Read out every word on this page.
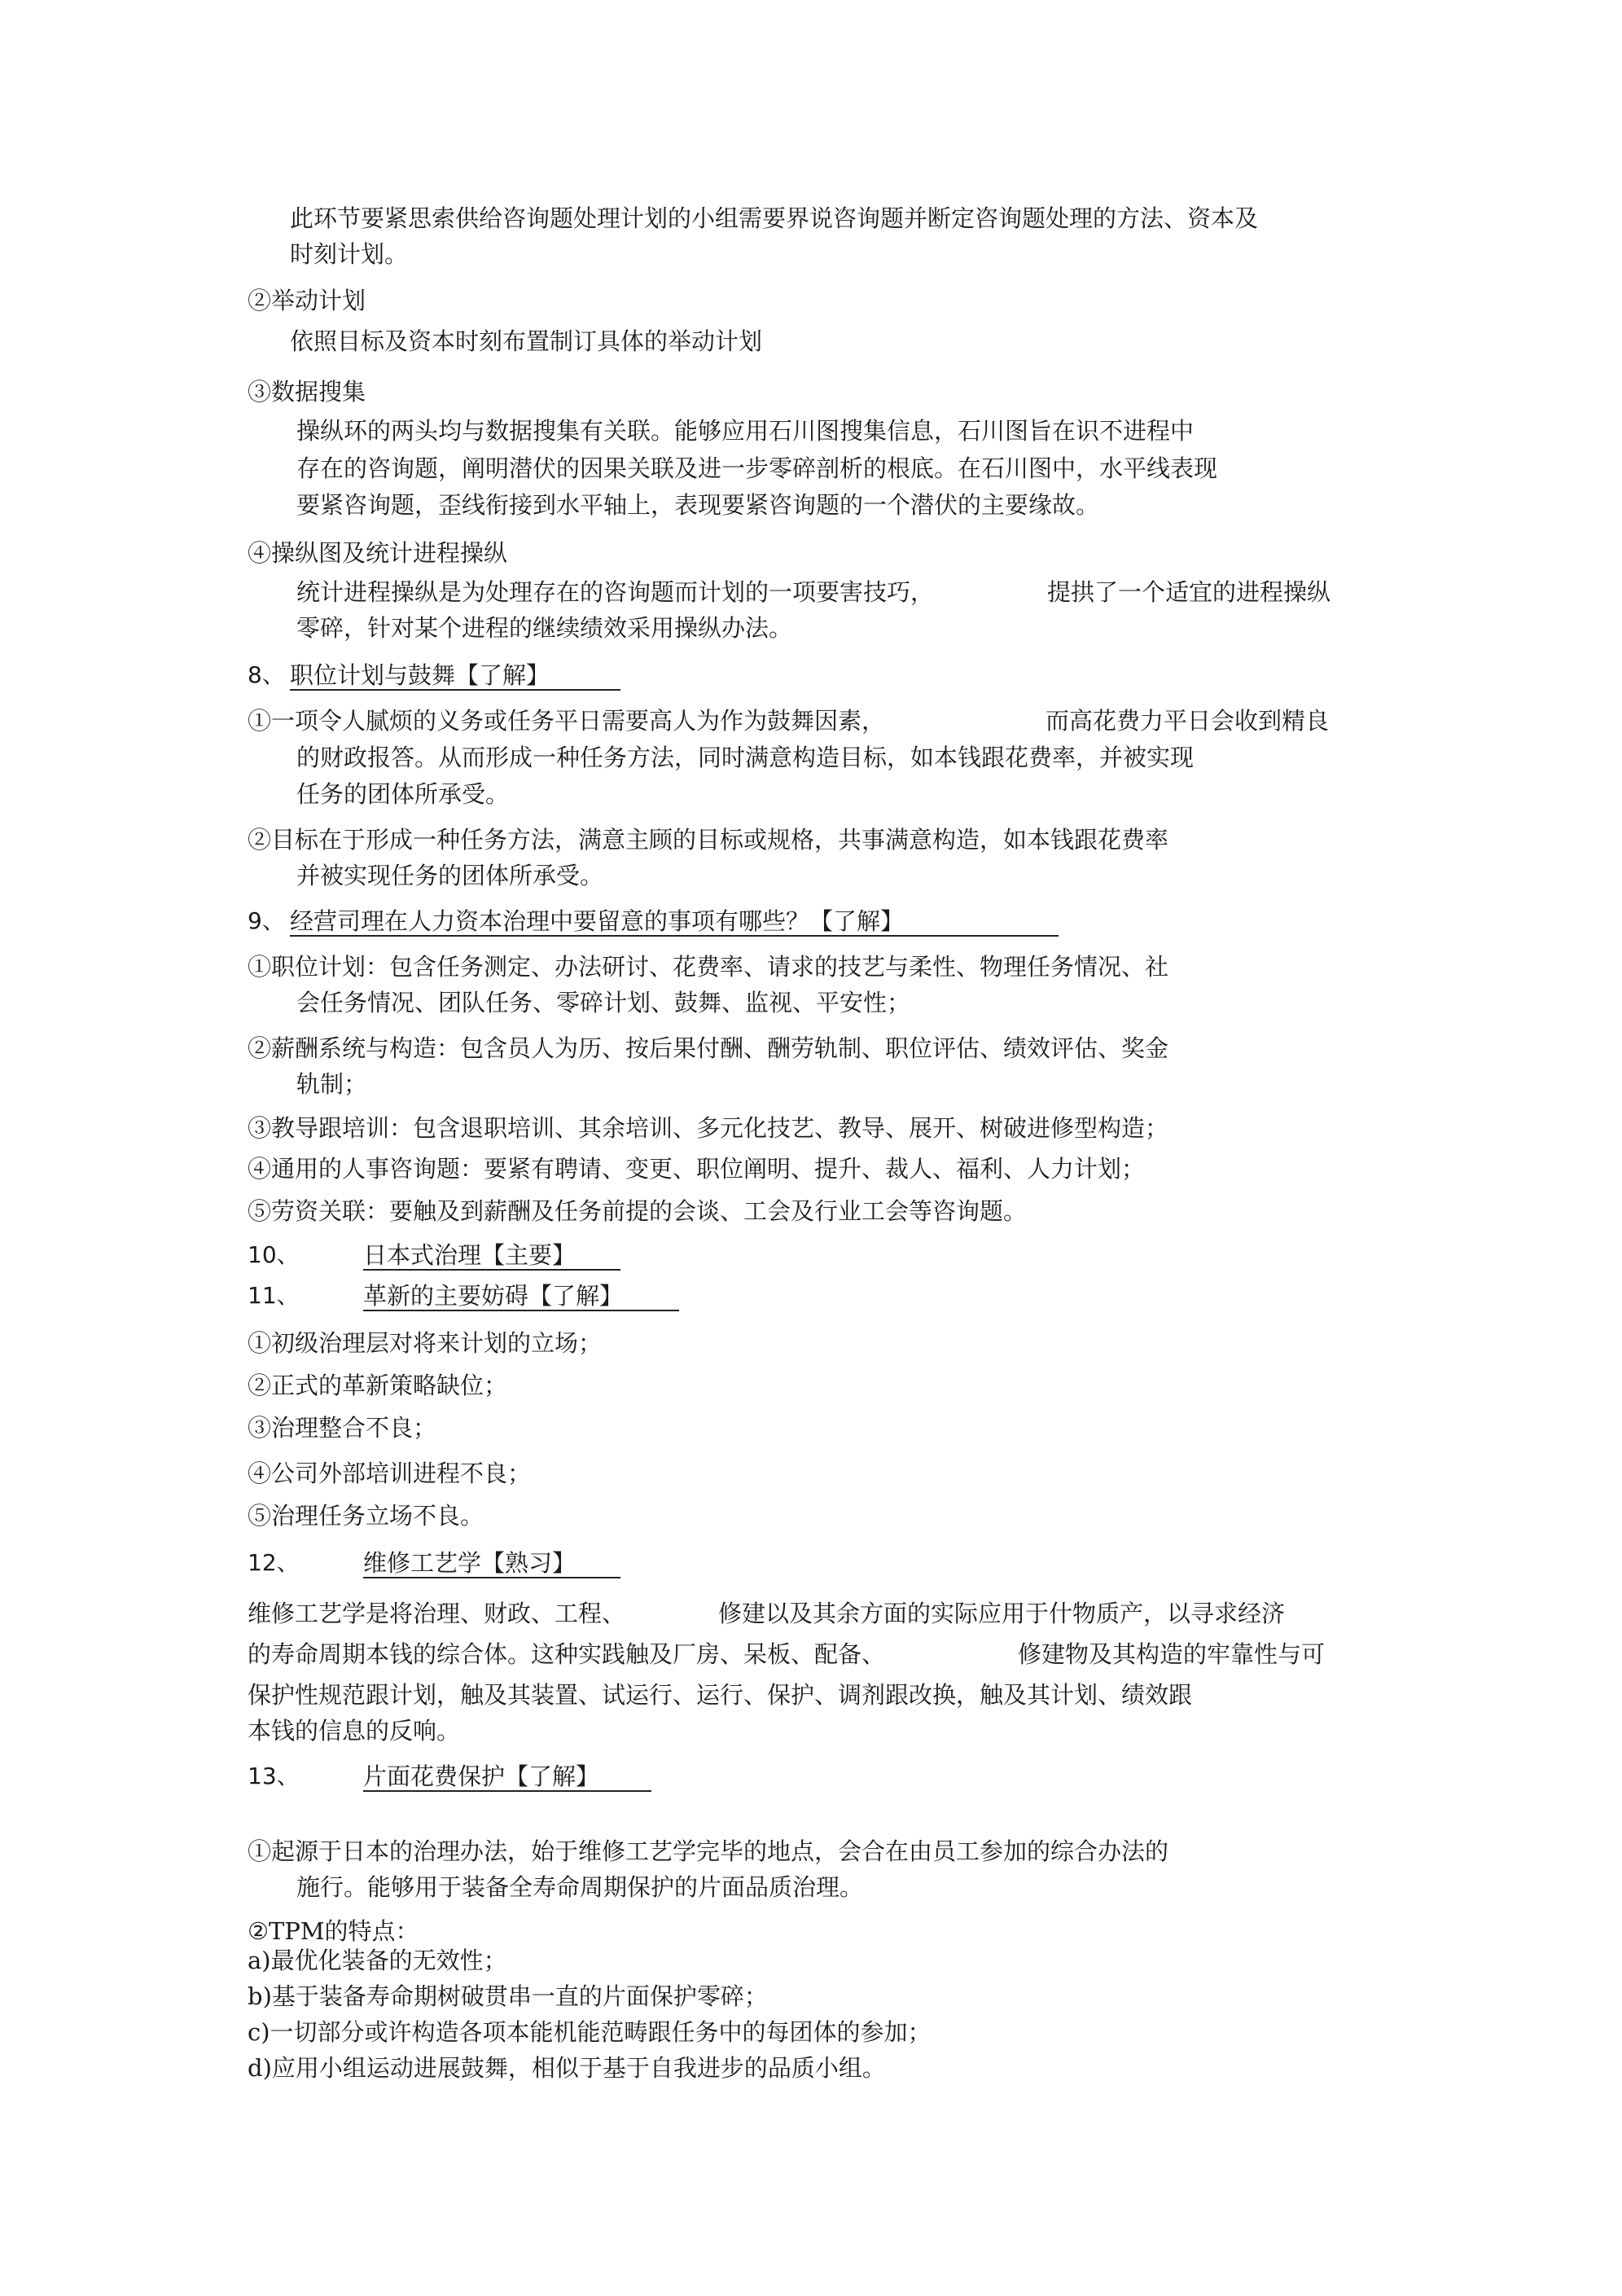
此环节要紧思索供给咨询题处理计划的小组需要界说咨询题并断定咨询题处理的方法、资本及
时刻计划。
②举动计划
依照目标及资本时刻布置制订具体的举动计划
③数据搜集
操纵环的两头均与数据搜集有关联。能够应用石川图搜集信息，石川图旨在识不进程中
存在的咨询题，阐明潜伏的因果关联及进一步零碎剖析的根底。在石川图中，水平线表现
要紧咨询题，歪线衔接到水平轴上，表现要紧咨询题的一个潜伏的主要缘故。
④操纵图及统计进程操纵
统计进程操纵是为处理存在的咨询题而计划的一项要害技巧，	提拱了一个适宜的进程操纵
零碎，针对某个进程的继续绩效采用操纵办法。
8、 职位计划与鼓舞【了解】
①一项令人腻烦的义务或任务平日需要高人为作为鼓舞因素，	而高花费力平日会收到精良
的财政报答。从而形成一种任务方法，同时满意构造目标，如本钱跟花费率，并被实现
任务的团体所承受。
②目标在于形成一种任务方法，满意主顾的目标或规格，共事满意构造，如本钱跟花费率
并被实现任务的团体所承受。
9、 经营司理在人力资本治理中要留意的事项有哪些？【了解】
①职位计划：包含任务测定、办法研讨、花费率、请求的技艺与柔性、物理任务情况、社
会任务情况、团队任务、零碎计划、鼓舞、监视、平安性；
②薪酬系统与构造：包含员人为历、按后果付酬、酬劳轨制、职位评估、绩效评估、奖金
轨制；
③教导跟培训：包含退职培训、其余培训、多元化技艺、教导、展开、树破进修型构造；
④通用的人事咨询题：要紧有聘请、变更、职位阐明、提升、裁人、福利、人力计划；
⑤劳资关联：要触及到薪酬及任务前提的会谈、工会及行业工会等咨询题。
10、	日本式治理【主要】
11、	革新的主要妨碍【了解】
①初级治理层对将来计划的立场；
②正式的革新策略缺位；
③治理整合不良；
④公司外部培训进程不良；
⑤治理任务立场不良。
12、	维修工艺学【熟习】
维修工艺学是将治理、财政、工程、	修建以及其余方面的实际应用于什物质产，以寻求经济
的寿命周期本钱的综合体。这种实践触及厂房、呆板、配备、	修建物及其构造的牢靠性与可
保护性规范跟计划，触及其装置、试运行、运行、保护、调剂跟改换，触及其计划、绩效跟
本钱的信息的反响。
13、	片面花费保护【了解】
①起源于日本的治理办法，始于维修工艺学完毕的地点，会合在由员工参加的综合办法的
施行。能够用于装备全寿命周期保护的片面品质治理。
②TPM的特点：
a)最优化装备的无效性；
b)基于装备寿命期树破贯串一直的片面保护零碎；
c)一切部分或许构造各项本能机能范畴跟任务中的每团体的参加；
d)应用小组运动进展鼓舞，相似于基于自我进步的品质小组。
